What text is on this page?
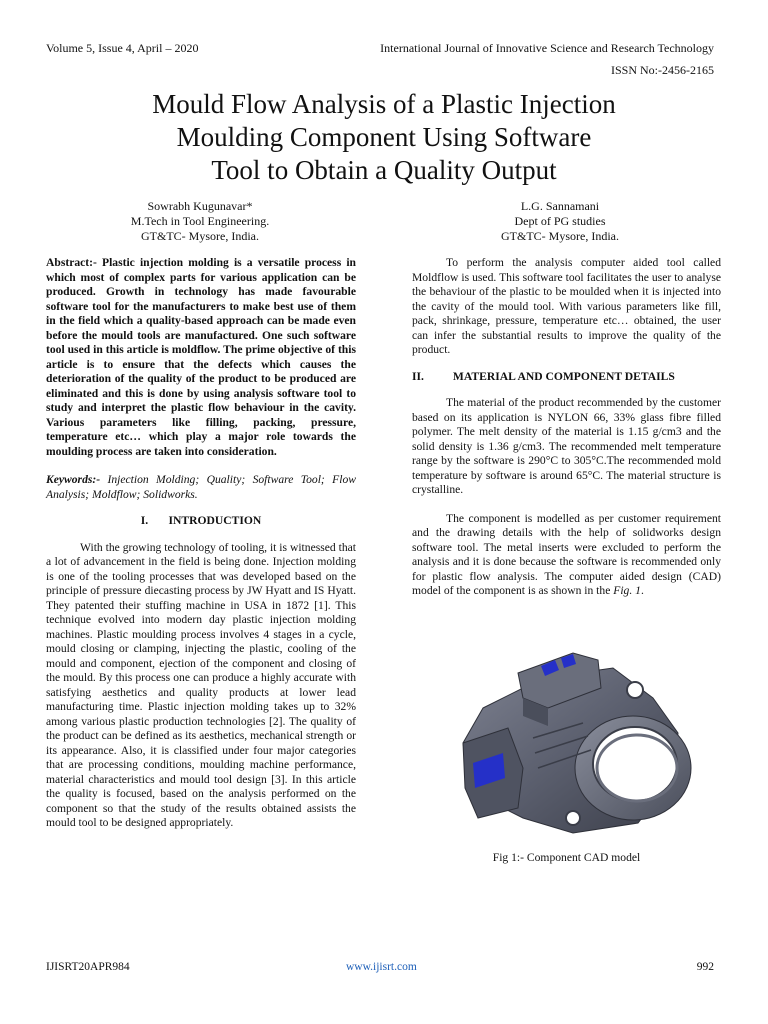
Volume 5, Issue 4, April – 2020	International Journal of Innovative Science and Research Technology
ISSN No:-2456-2165
Mould Flow Analysis of a Plastic Injection
Moulding Component Using Software
Tool to Obtain a Quality Output
Sowrabh Kugunavar*
M.Tech in Tool Engineering.
GT&TC- Mysore, India.
L.G. Sannamani
Dept of PG studies
GT&TC- Mysore, India.

Abstract:- Plastic injection molding is a versatile process in which most of complex parts for various application can be produced. Growth in technology has made favourable software tool for the manufacturers to make best use of them in the field which a quality-based approach can be made even before the mould tools are manufactured. One such software tool used in this article is moldflow. The prime objective of this article is to ensure that the defects which causes the deterioration of the quality of the product to be produced are eliminated and this is done by using analysis software tool to study and interpret the plastic flow behaviour in the cavity. Various parameters like filling, packing, pressure, temperature etc… which play a major role towards the moulding process are taken into consideration.

Keywords:- Injection Molding; Quality; Software Tool; Flow Analysis; Moldflow; Solidworks.

I. INTRODUCTION

With the growing technology of tooling, it is witnessed that a lot of advancement in the field is being done. Injection molding is one of the tooling processes that was developed based on the principle of pressure diecasting process by JW Hyatt and IS Hyatt. They patented their stuffing machine in USA in 1872 [1]. This technique evolved into modern day plastic injection molding machines. Plastic moulding process involves 4 stages in a cycle, mould closing or clamping, injecting the plastic, cooling of the mould and component, ejection of the component and closing of the mould. By this process one can produce a highly accurate with satisfying aesthetics and quality products at lower lead manufacturing time. Plastic injection molding takes up to 32% among various plastic production technologies [2]. The quality of the product can be defined as its aesthetics, mechanical strength or its appearance. Also, it is classified under four major categories that are processing conditions, moulding machine performance, material characteristics and mould tool design [3]. In this article the quality is focused, based on the analysis performed on the component so that the study of the results obtained assists the mould tool to be designed appropriately.

To perform the analysis computer aided tool called Moldflow is used. This software tool facilitates the user to analyse the behaviour of the plastic to be moulded when it is injected into the cavity of the mould tool. With various parameters like fill, pack, shrinkage, pressure, temperature etc… obtained, the user can infer the substantial results to improve the quality of the product.

II. MATERIAL AND COMPONENT DETAILS

The material of the product recommended by the customer based on its application is NYLON 66, 33% glass fibre filled polymer. The melt density of the material is 1.15 g/cm3 and the solid density is 1.36 g/cm3. The recommended melt temperature range by the software is 290°C to 305°C.The recommended mold temperature by software is around 65°C. The material structure is crystalline.

The component is modelled as per customer requirement and the drawing details with the help of solidworks design software tool. The metal inserts were excluded to perform the analysis and it is done because the software is recommended only for plastic flow analysis. The computer aided design (CAD) model of the component is as shown in the Fig. 1.

Fig 1:- Component CAD model
IJISRT20APR984	www.ijisrt.com	992
